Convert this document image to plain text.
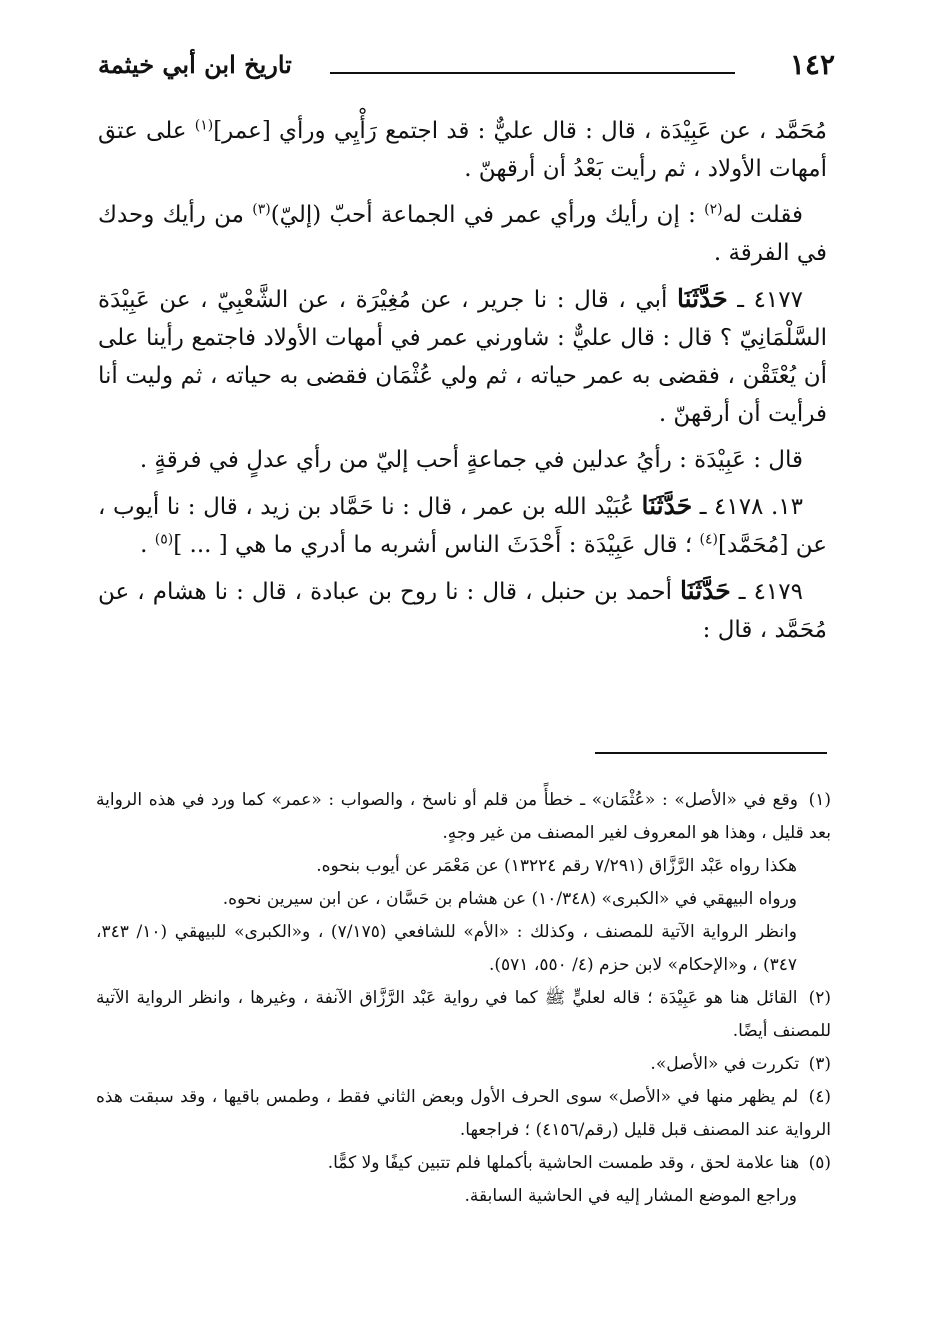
١٤٢
تاريخ ابن أبي خيثمة

مُحَمَّد ، عن عَبِيْدَة ، قال : قال عليٌّ : قد اجتمع رَأْيِي ورأي [عمر]$^{(١)}$ على عتق أمهات الأولاد ، ثم رأيت بَعْدُ أن أرقهنّ .

فقلت له$^{(٢)}$ : إن رأيك ورأي عمر في الجماعة أحبّ (إليّ)$^{(٣)}$ من رأيك وحدك في الفرقة .

٤١٧٧ ـ حَدَّثَنَا أبي ، قال : نا جرير ، عن مُغِيْرَة ، عن الشَّعْبِيّ ، عن عَبِيْدَة السَّلْمَانِيّ ؟ قال : قال عليٌّ : شاورني عمر في أمهات الأولاد فاجتمع رأينا على أن يُعْتَقْن ، فقضى به عمر حياته ، ثم ولي عُثْمَان فقضى به حياته ، ثم وليت أنا فرأيت أن أرقهنّ .

قال : عَبِيْدَة : رأيُ عدلين في جماعةٍ أحب إليّ من رأي عدلٍ في فرقةٍ .

١٣. ٤١٧٨ ـ حَدَّثَنَا عُبَيْد الله بن عمر ، قال : نا حَمَّاد بن زيد ، قال : نا أيوب ، عن [مُحَمَّد]$^{(٤)}$ ؛ قال عَبِيْدَة : أَحْدَثَ الناس أشربه ما أدري ما هي [ ... ]$^{(٥)}$ .

٤١٧٩ ـ حَدَّثَنَا أحمد بن حنبل ، قال : نا روح بن عبادة ، قال : نا هشام ، عن مُحَمَّد ، قال :

(١) وقع في «الأصل» : «عُثْمَان» ـ خطأً من قلم أو ناسخ ، والصواب : «عمر» كما ورد في هذه الرواية بعد قليل ، وهذا هو المعروف لغير المصنف من غير وجهٍ.

هكذا رواه عَبْد الرَّزَّاق (٧/٢٩١ رقم ١٣٢٢٤) عن مَعْمَر عن أيوب بنحوه.

ورواه البيهقي في «الكبرى» (١٠/٣٤٨) عن هشام بن حَسَّان ، عن ابن سيرين نحوه.

وانظر الرواية الآتية للمصنف ، وكذلك : «الأم» للشافعي (٧/١٧٥) ، و«الكبرى» للبيهقي (١٠/ ٣٤٣، ٣٤٧) ، و«الإحكام» لابن حزم (٤/ ٥٥٠، ٥٧١).

(٢) القائل هنا هو عَبِيْدَة ؛ قاله لعليٍّ ﷺ كما في رواية عَبْد الرَّزَّاق الآنفة ، وغيرها ، وانظر الرواية الآتية للمصنف أيضًا.

(٣) تكررت في «الأصل».

(٤) لم يظهر منها في «الأصل» سوى الحرف الأول وبعض الثاني فقط ، وطمس باقيها ، وقد سبقت هذه الرواية عند المصنف قبل قليل (رقم/٤١٥٦) ؛ فراجعها.

(٥) هنا علامة لحق ، وقد طمست الحاشية بأكملها فلم تتبين كيفًا ولا كمًّا.

وراجع الموضع المشار إليه في الحاشية السابقة.
